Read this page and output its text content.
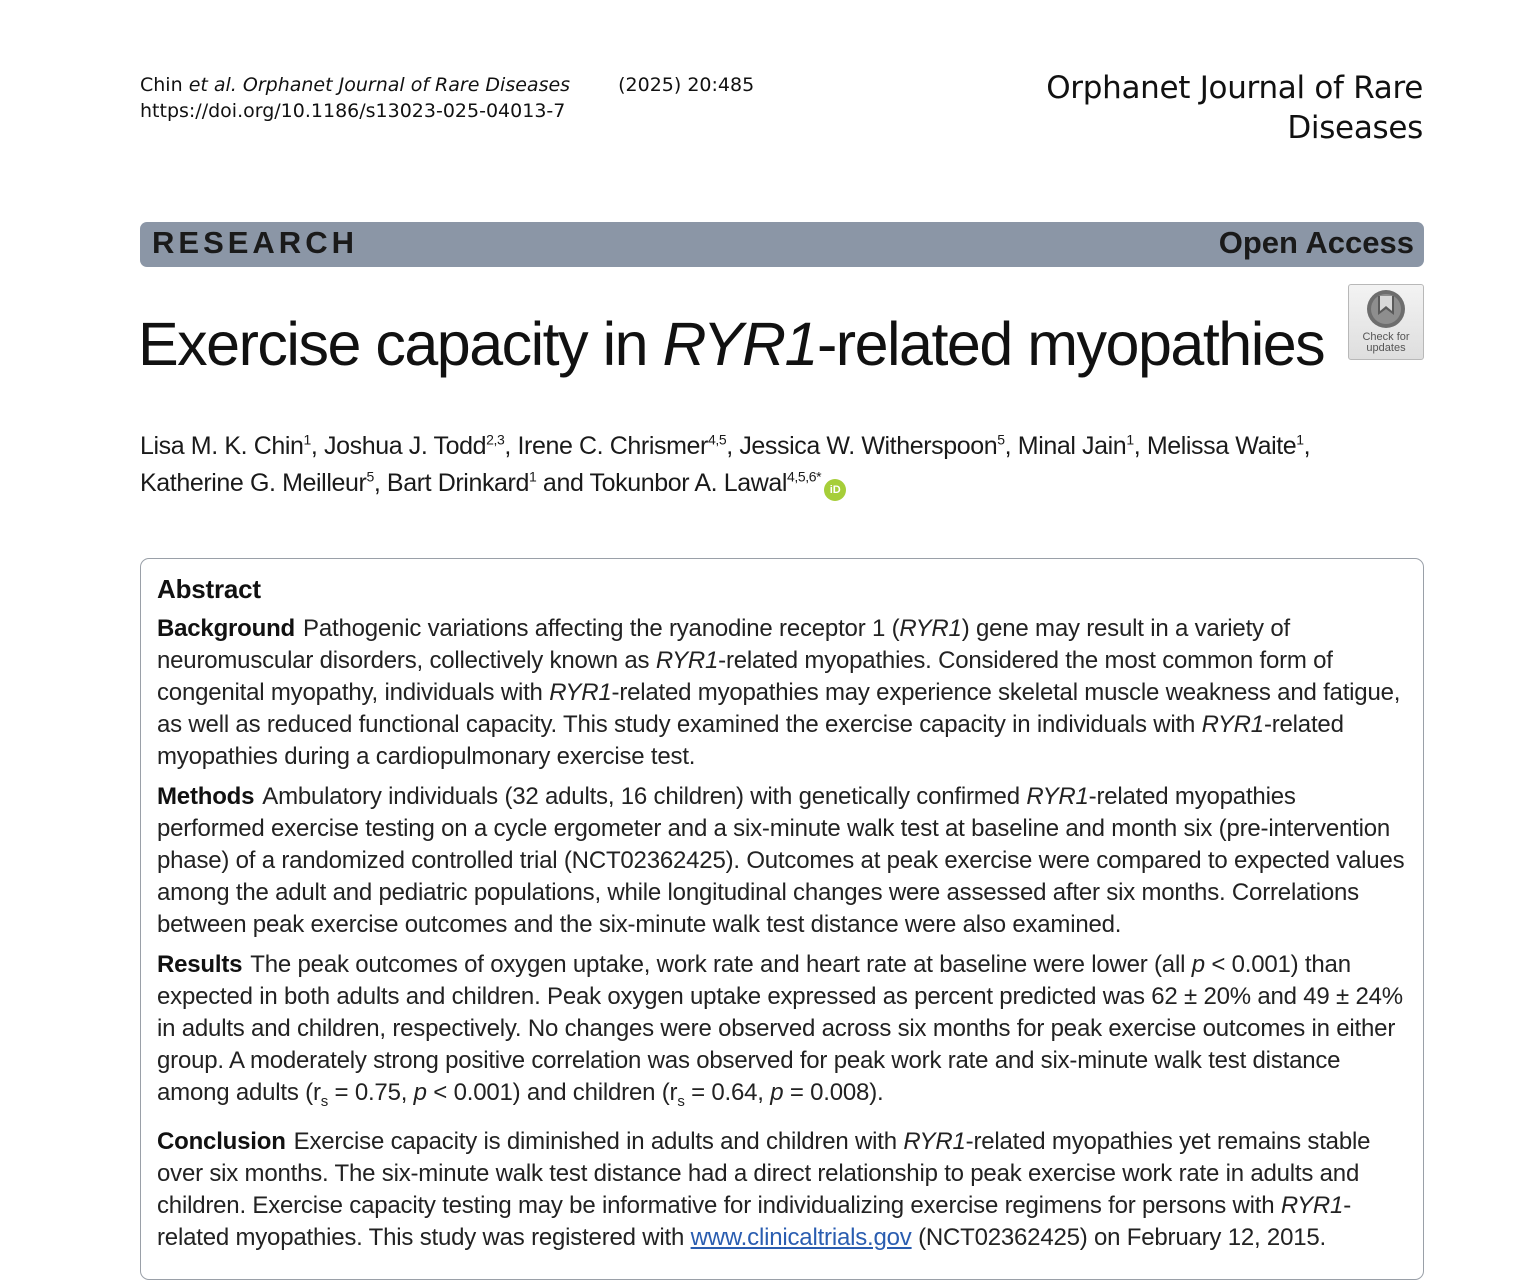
Chin et al. Orphanet Journal of Rare Diseases	(2025) 20:485
https://doi.org/10.1186/s13023-025-04013-7
Orphanet Journal of Rare
Diseases
RESEARCH	Open Access
Exercise capacity in RYR1-related myopathies	Check for
updates
Lisa M. K. Chin$^1$, Joshua J. Todd$^{2,3}$, Irene C. Chrismer$^{4,5}$, Jessica W. Witherspoon$^5$, Minal Jain$^1$, Melissa Waite$^1$,
Katherine G. Meilleur$^5$, Bart Drinkard$^1$ and Tokunbor A. Lawal$^{4,5,6*}$iD
Abstract

Background Pathogenic variations affecting the ryanodine receptor 1 (RYR1) gene may result in a variety of neuromuscular disorders, collectively known as RYR1-related myopathies. Considered the most common form of congenital myopathy, individuals with RYR1-related myopathies may experience skeletal muscle weakness and fatigue, as well as reduced functional capacity. This study examined the exercise capacity in individuals with RYR1-related myopathies during a cardiopulmonary exercise test.

Methods Ambulatory individuals (32 adults, 16 children) with genetically confirmed RYR1-related myopathies performed exercise testing on a cycle ergometer and a six-minute walk test at baseline and month six (pre-intervention phase) of a randomized controlled trial (NCT02362425). Outcomes at peak exercise were compared to expected values among the adult and pediatric populations, while longitudinal changes were assessed after six months. Correlations between peak exercise outcomes and the six-minute walk test distance were also examined.

Results The peak outcomes of oxygen uptake, work rate and heart rate at baseline were lower (all p < 0.001) than expected in both adults and children. Peak oxygen uptake expressed as percent predicted was 62 ± 20% and 49 ± 24% in adults and children, respectively. No changes were observed across six months for peak exercise outcomes in either group. A moderately strong positive correlation was observed for peak work rate and six-minute walk test distance among adults ($r_s = 0.75$, p < 0.001) and children ($r_s = 0.64$, p = 0.008).

Conclusion Exercise capacity is diminished in adults and children with RYR1-related myopathies yet remains stable over six months. The six-minute walk test distance had a direct relationship to peak exercise work rate in adults and children. Exercise capacity testing may be informative for individualizing exercise regimens for persons with RYR1-related myopathies. This study was registered with www.clinicaltrials.gov (NCT02362425) on February 12, 2015.
